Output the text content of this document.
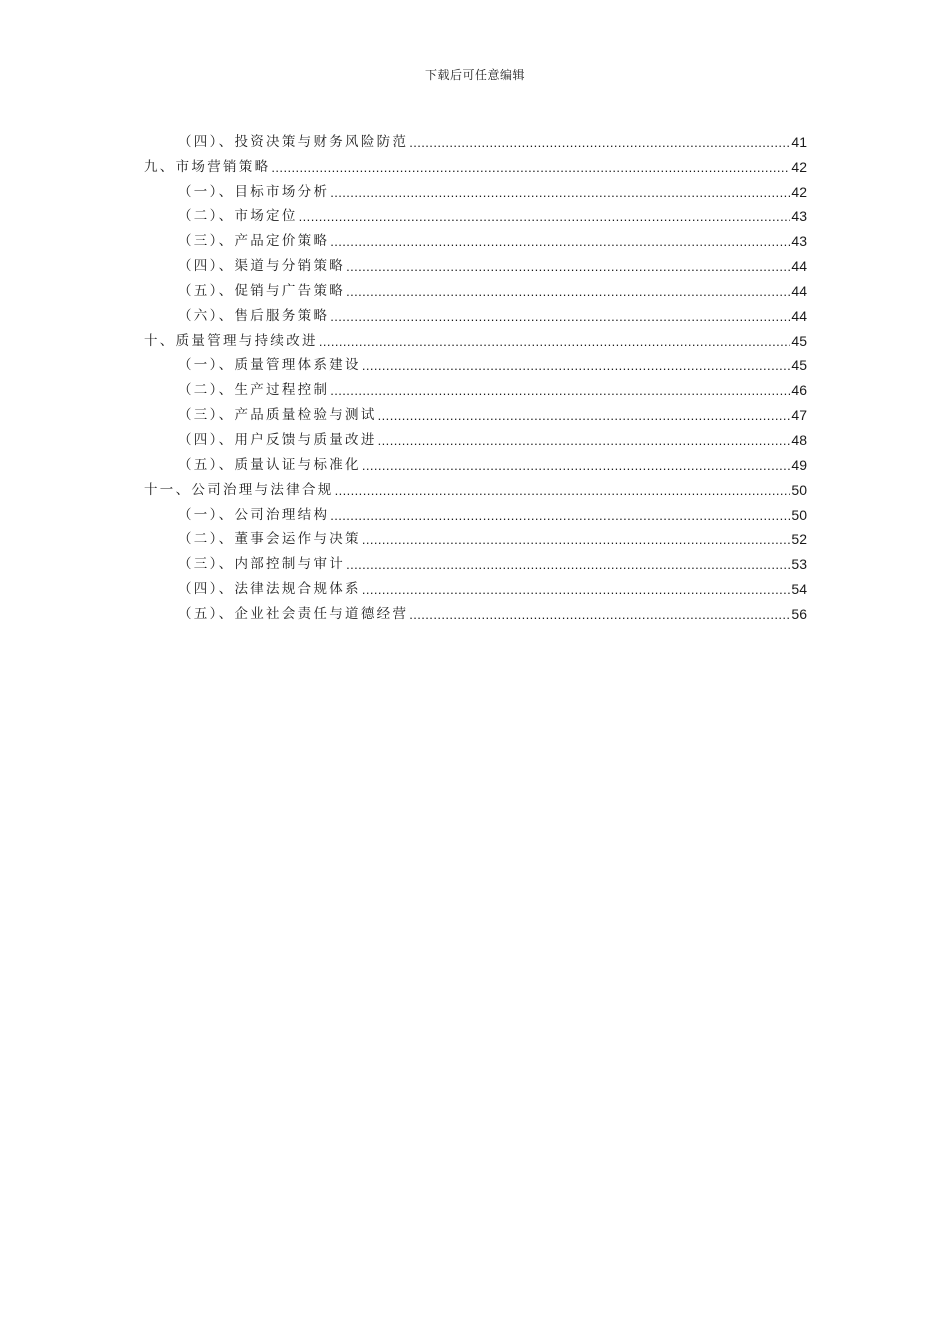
下载后可任意编辑
（四）、投资决策与财务风险防范 .....	41
九、市场营销策略 .....	42
（一）、目标市场分析 .....	42
（二）、市场定位 .....	43
（三）、产品定价策略 .....	43
（四）、渠道与分销策略 .....	44
（五）、促销与广告策略 .....	44
（六）、售后服务策略 .....	44
十、质量管理与持续改进 .....	45
（一）、质量管理体系建设 .....	45
（二）、生产过程控制 .....	46
（三）、产品质量检验与测试 .....	47
（四）、用户反馈与质量改进 .....	48
（五）、质量认证与标准化 .....	49
十一、公司治理与法律合规 .....	50
（一）、公司治理结构 .....	50
（二）、董事会运作与决策 .....	52
（三）、内部控制与审计 .....	53
（四）、法律法规合规体系 .....	54
（五）、企业社会责任与道德经营 .....	56
